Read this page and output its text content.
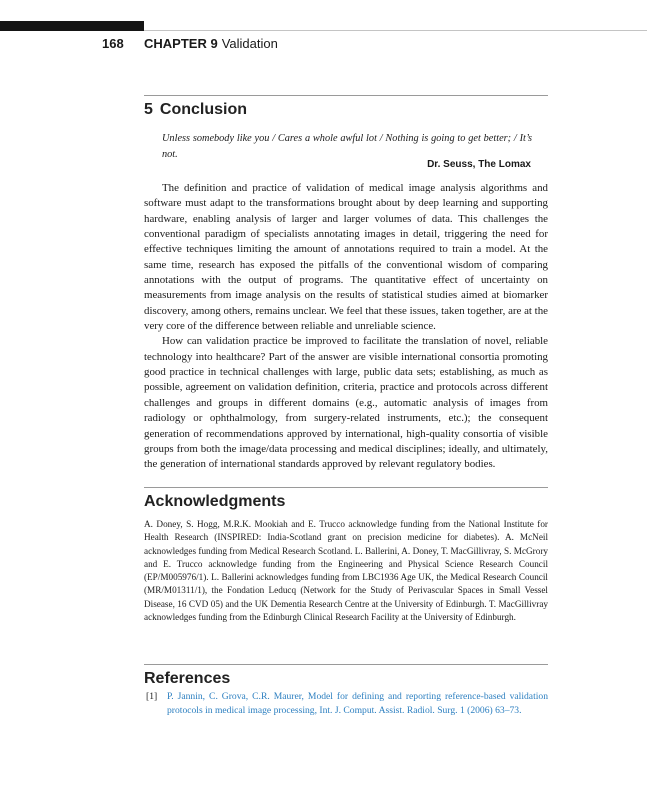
168 CHAPTER 9 Validation
5 Conclusion

Unless somebody like you / Cares a whole awful lot / Nothing is going to get better; / It’s not.

Dr. Seuss, The Lomax

The definition and practice of validation of medical image analysis algorithms and software must adapt to the transformations brought about by deep learning and supporting hardware, enabling analysis of larger and larger volumes of data. This challenges the conventional paradigm of specialists annotating images in detail, triggering the need for effective techniques limiting the amount of annotations required to train a model. At the same time, research has exposed the pitfalls of the conventional wisdom of comparing annotations with the output of programs. The quantitative effect of uncertainty on measurements from image analysis on the results of statistical studies aimed at biomarker discovery, among others, remains unclear. We feel that these issues, taken together, are at the very core of the difference between reliable and unreliable science.

How can validation practice be improved to facilitate the translation of novel, reliable technology into healthcare? Part of the answer are visible international consortia promoting good practice in technical challenges with large, public data sets; establishing, as much as possible, agreement on validation definition, criteria, practice and protocols across different challenges and groups in different domains (e.g., automatic analysis of images from radiology or ophthalmology, from surgery-related instruments, etc.); the consequent generation of recommendations approved by international, high-quality consortia of visible groups from both the image/data processing and medical disciplines; ideally, and ultimately, the generation of international standards approved by relevant regulatory bodies.

Acknowledgments

A. Doney, S. Hogg, M.R.K. Mookiah and E. Trucco acknowledge funding from the National Institute for Health Research (INSPIRED: India-Scotland grant on precision medicine for diabetes). A. McNeil acknowledges funding from Medical Research Scotland. L. Ballerini, A. Doney, T. MacGillivray, S. McGrory and E. Trucco acknowledge funding from the Engineering and Physical Science Research Council (EP/M005976/1). L. Ballerini acknowledges funding from LBC1936 Age UK, the Medical Research Council (MR/M01311/1), the Fondation Leducq (Network for the Study of Perivascular Spaces in Small Vessel Disease, 16 CVD 05) and the UK Dementia Research Centre at the University of Edinburgh. T. MacGillivray acknowledges funding from the Edinburgh Clinical Research Facility at the University of Edinburgh.

References
[1] P. Jannin, C. Grova, C.R. Maurer, Model for defining and reporting reference-based validation protocols in medical image processing, Int. J. Comput. Assist. Radiol. Surg. 1 (2006) 63–73.
